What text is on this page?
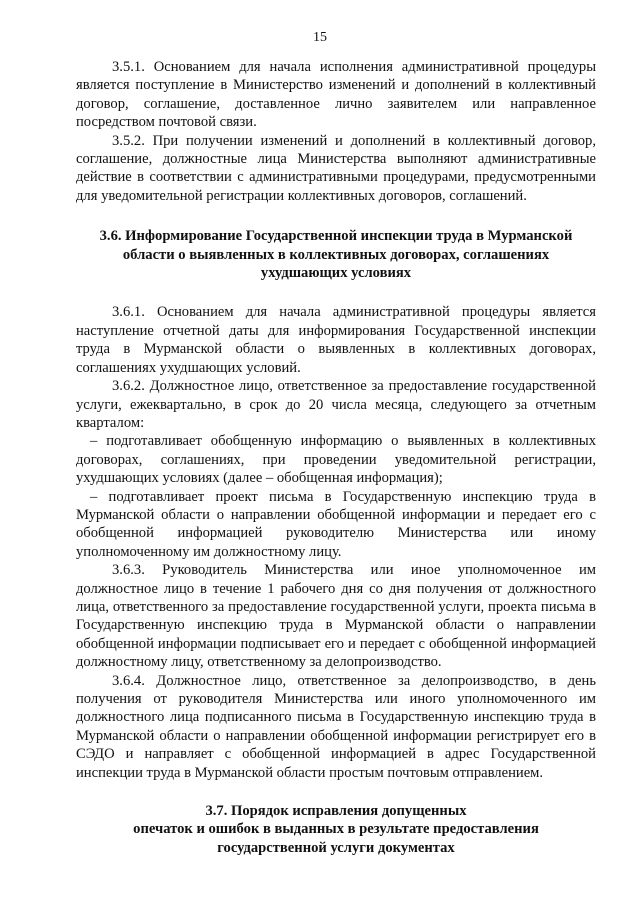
15

3.5.1. Основанием для начала исполнения административной процедуры является поступление в Министерство изменений и дополнений в коллективный договор, соглашение, доставленное лично заявителем или направленное посредством почтовой связи.

3.5.2. При получении изменений и дополнений в коллективный договор, соглашение, должностные лица Министерства выполняют административные действие в соответствии с административными процедурами, предусмотренными для уведомительной регистрации коллективных договоров, соглашений.

3.6. Информирование Государственной инспекции труда в Мурманской
области о выявленных в коллективных договорах, соглашениях
ухудшающих условиях

3.6.1. Основанием для начала административной процедуры является наступление отчетной даты для информирования Государственной инспекции труда в Мурманской области о выявленных в коллективных договорах, соглашениях ухудшающих условий.

3.6.2. Должностное лицо, ответственное за предоставление государственной услуги, ежеквартально, в срок до 20 числа месяца, следующего за отчетным кварталом:

– подготавливает обобщенную информацию о выявленных в коллективных договорах, соглашениях, при проведении уведомительной регистрации, ухудшающих условиях (далее – обобщенная информация);

– подготавливает проект письма в Государственную инспекцию труда в Мурманской области о направлении обобщенной информации и передает его с обобщенной информацией руководителю Министерства или иному уполномоченному им должностному лицу.

3.6.3. Руководитель Министерства или иное уполномоченное им должностное лицо в течение 1 рабочего дня со дня получения от должностного лица, ответственного за предоставление государственной услуги, проекта письма в Государственную инспекцию труда в Мурманской области о направлении обобщенной информации подписывает его и передает с обобщенной информацией должностному лицу, ответственному за делопроизводство.

3.6.4. Должностное лицо, ответственное за делопроизводство, в день получения от руководителя Министерства или иного уполномоченного им должностного лица подписанного письма в Государственную инспекцию труда в Мурманской области о направлении обобщенной информации регистрирует его в СЭДО и направляет с обобщенной информацией в адрес Государственной инспекции труда в Мурманской области простым почтовым отправлением.

3.7. Порядок исправления допущенных
опечаток и ошибок в выданных в результате предоставления
государственной услуги документах
